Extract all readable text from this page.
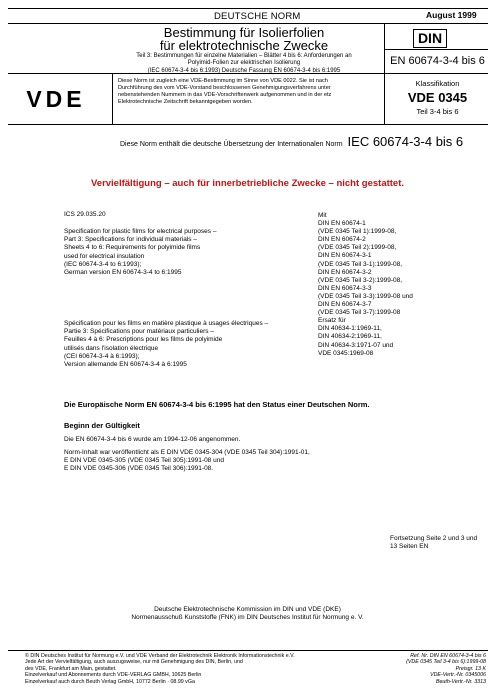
DEUTSCHE NORM	August 1999
Bestimmung für Isolierfolien
für elektrotechnische Zwecke
Teil 3: Bestimmungen für einzelne Materialien – Blätter 4 bis 6: Anforderungen an
Polyimid-Folien zur elektrischen Isolierung
(IEC 60674-3-4 bis 6:1993) Deutsche Fassung EN 60674-3-4 bis 6:1995
DIN
EN 60674-3-4 bis 6
VDE
Diese Norm ist zugleich eine VDE-Bestimmung im Sinne von VDE 0022. Sie ist nach
Durchführung des vom VDE-Vorstand beschlossenen Genehmigungsverfahrens unter
nebenstehenden Nummern in das VDE-Vorschriftenwerk aufgenommen und in der etz
Elektrotechnische Zeitschrift bekanntgegeben worden.
Klassifikation
VDE 0345
Teil 3-4 bis 6
Diese Norm enthält die deutsche Übersetzung der Internationalen Norm IEC 60674-3-4 bis 6
Vervielfältigung – auch für innerbetriebliche Zwecke – nicht gestattet.
ICS 29.035.20
Specification for plastic films for electrical purposes –
Part 3: Specifications for individual materials –
Sheets 4 to 6: Requirements for polyimide films
used for electrical insulation
(IEC 60674-3-4 to 6:1993);
German version EN 60674-3-4 to 6:1995
Spécification pour les films en matière plastique à usages électriques –
Partie 3: Spécifications pour matériaux particuliers –
Feuilles 4 à 6: Prescriptions pour les films de polyimide
utilisés dans l'isolation électrique
(CEI 60674-3-4 à 6:1993);
Version allemande EN 60674-3-4 à 6:1995
Mit
DIN EN 60674-1
(VDE 0345 Teil 1):1999-08,
DIN EN 60674-2
(VDE 0345 Teil 2):1999-08,
DIN EN 60674-3-1
(VDE 0345 Teil 3-1):1999-08,
DIN EN 60674-3-2
(VDE 0345 Teil 3-2):1999-08,
DIN EN 60674-3-3
(VDE 0345 Teil 3-3):1999-08 und
DIN EN 60674-3-7
(VDE 0345 Teil 3-7):1999-08
Ersatz für
DIN 40634-1:1969-11,
DIN 40634-2:1969-11,
DIN 40634-3:1971-07 und
VDE 0345:1969-08
Die Europäische Norm EN 60674-3-4 bis 6:1995 hat den Status einer Deutschen Norm.
Beginn der Gültigkeit
Die EN 60674-3-4 bis 6 wurde am 1994-12-06 angenommen.
Norm-Inhalt war veröffentlicht als E DIN VDE 0345-304 (VDE 0345 Teil 304):1991-01,
E DIN VDE 0345-305 (VDE 0345 Teil 305):1991-08 und
E DIN VDE 0345-306 (VDE 0345 Teil 306):1991-08.
Fortsetzung Seite 2 und 3 und
13 Seiten EN
Deutsche Elektrotechnische Kommission im DIN und VDE (DKE)
Normenausschuß Kunststoffe (FNK) im DIN Deutsches Institut für Normung e. V.
© DIN Deutsches Institut für Normung e.V. und VDE Verband der Elektrotechnik Elektronik Informationstechnik e.V.
Jede Art der Vervielfältigung, auch auszugsweise, nur mit Genehmigung des DIN, Berlin, und
des VDE, Frankfurt am Main, gestattet.
Einzelverkauf und Abonnements durch VDE-VERLAG GMBH, 10625 Berlin
Einzelverkauf auch durch Beuth Verlag GmbH, 10772 Berlin · 08.99 vGa
Ref. Nr. DIN EN 60674-3-4 bis 6
(VDE 0345 Teil 3-4 bis 6):1999-08
Preisgr. 13 K
VDE-Vertr.-Nr. 0345006
Beuth-Vertr.-Nr. 3313
